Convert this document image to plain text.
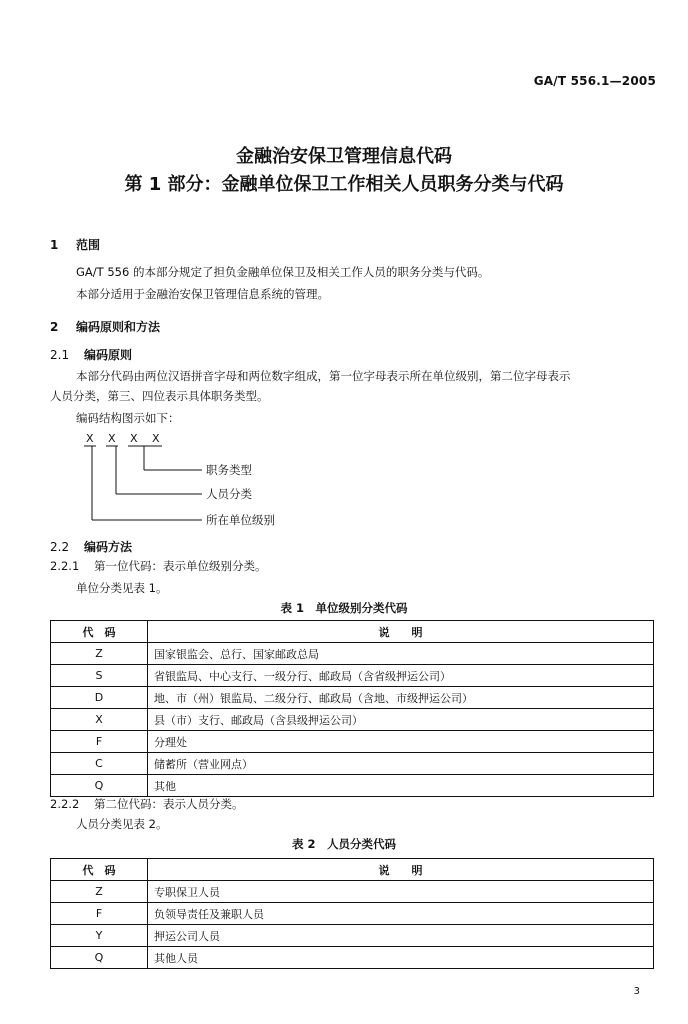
GA/T 556.1—2005
金融治安保卫管理信息代码
第 1 部分：金融单位保卫工作相关人员职务分类与代码
1 范围
GA/T 556 的本部分规定了担负金融单位保卫及相关工作人员的职务分类与代码。
本部分适用于金融治安保卫管理信息系统的管理。
2 编码原则和方法
2.1 编码原则
本部分代码由两位汉语拼音字母和两位数字组成，第一位字母表示所在单位级别，第二位字母表示
人员分类，第三、四位表示具体职务类型。
编码结构图示如下：
X X X X
职务类型
人员分类
所在单位级别
2.2 编码方法
2.2.1 第一位代码：表示单位级别分类。
单位分类见表 1。
表 1　单位级别分类代码
代　码	说　　明
Z	国家银监会、总行、国家邮政总局
S	省银监局、中心支行、一级分行、邮政局（含省级押运公司）
D	地、市（州）银监局、二级分行、邮政局（含地、市级押运公司）
X	县（市）支行、邮政局（含县级押运公司）
F	分理处
C	储蓄所（营业网点）
Q	其他
2.2.2 第二位代码：表示人员分类。
人员分类见表 2。
表 2　人员分类代码
代　码	说　　明
Z	专职保卫人员
F	负领导责任及兼职人员
Y	押运公司人员
Q	其他人员
3
